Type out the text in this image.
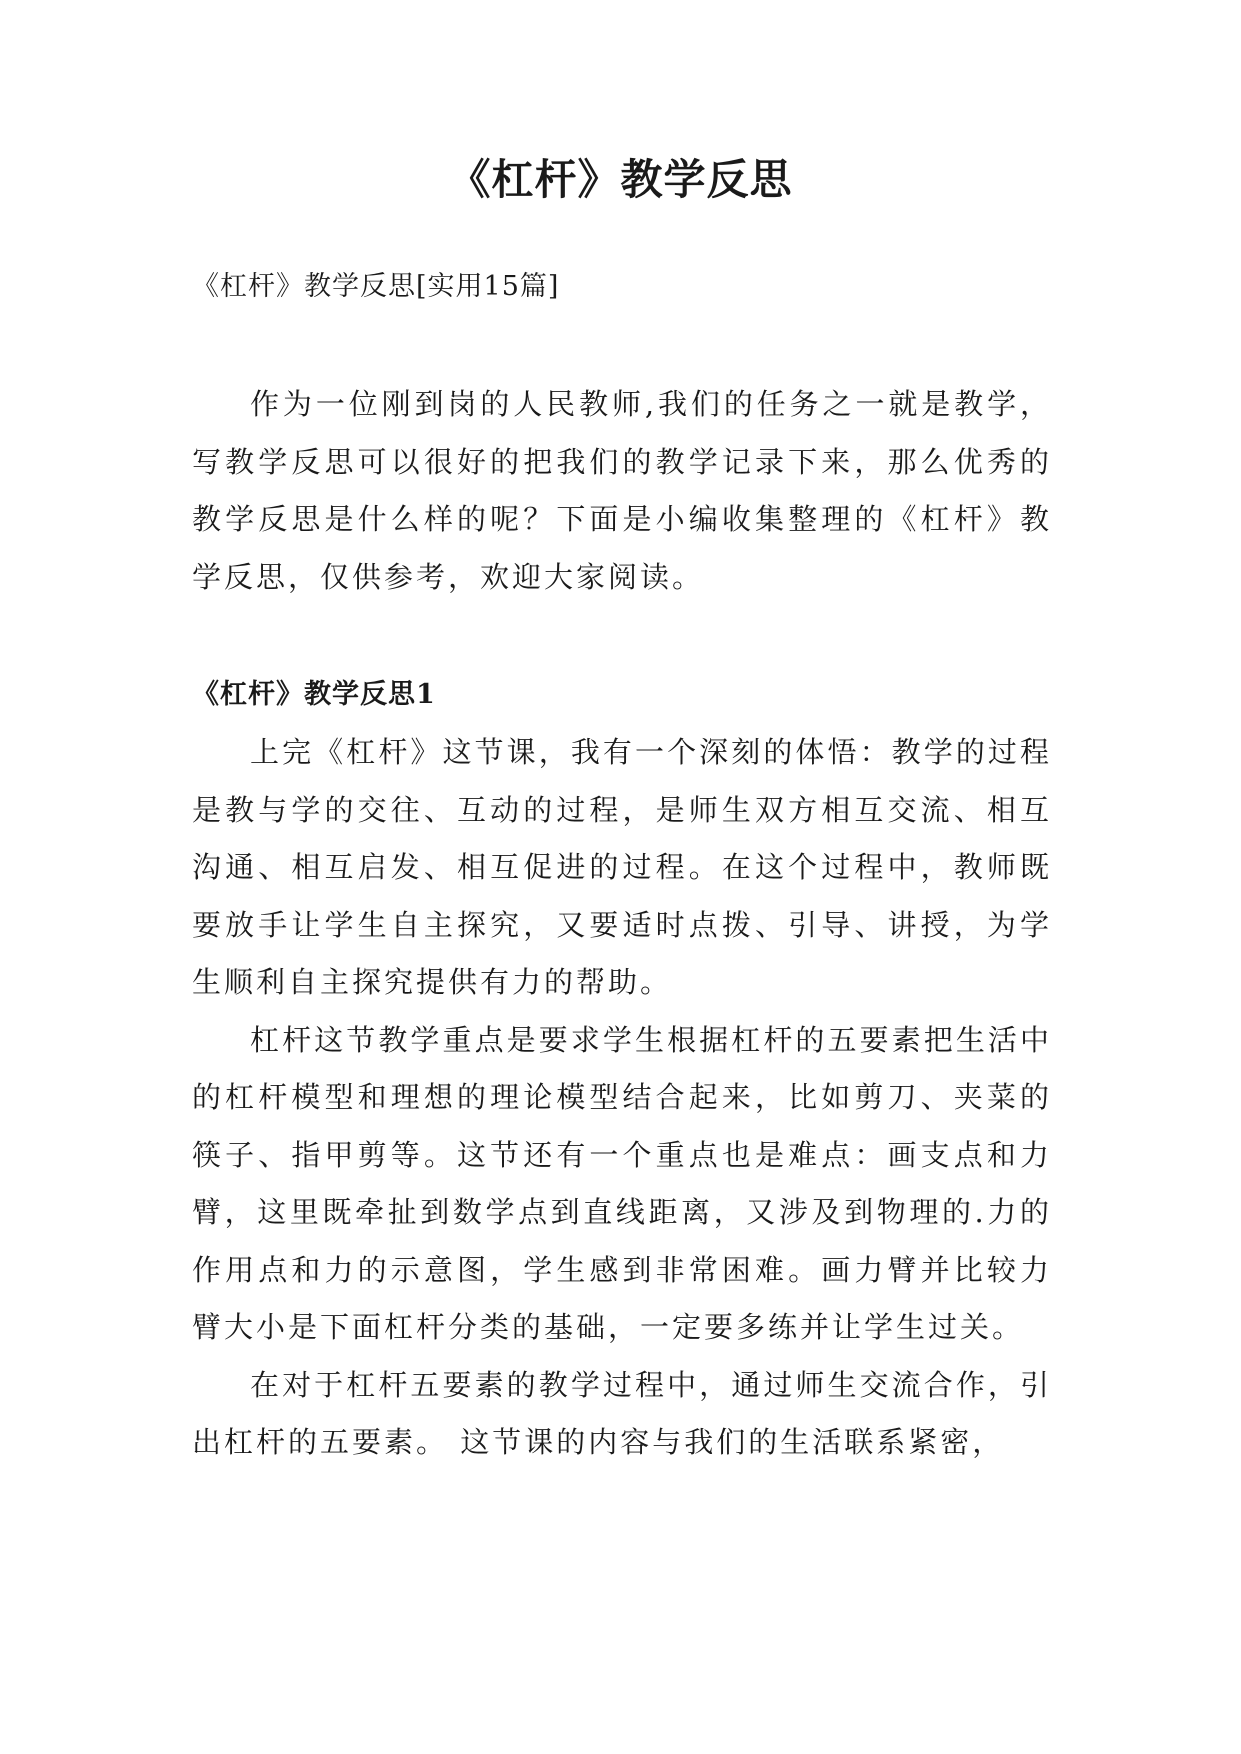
《杠杆》教学反思

《杠杆》教学反思[实用15篇]

作为一位刚到岗的人民教师,我们的任务之一就是教学，写教学反思可以很好的把我们的教学记录下来，那么优秀的教学反思是什么样的呢？下面是小编收集整理的《杠杆》教学反思，仅供参考，欢迎大家阅读。

《杠杆》教学反思1

上完《杠杆》这节课，我有一个深刻的体悟：教学的过程是教与学的交往、互动的过程，是师生双方相互交流、相互沟通、相互启发、相互促进的过程。在这个过程中，教师既要放手让学生自主探究，又要适时点拨、引导、讲授，为学生顺利自主探究提供有力的帮助。

杠杆这节教学重点是要求学生根据杠杆的五要素把生活中的杠杆模型和理想的理论模型结合起来，比如剪刀、夹菜的筷子、指甲剪等。这节还有一个重点也是难点：画支点和力臂，这里既牵扯到数学点到直线距离，又涉及到物理的.力的作用点和力的示意图，学生感到非常困难。画力臂并比较力臂大小是下面杠杆分类的基础，一定要多练并让学生过关。

在对于杠杆五要素的教学过程中，通过师生交流合作，引出杠杆的五要素。 这节课的内容与我们的生活联系紧密，
